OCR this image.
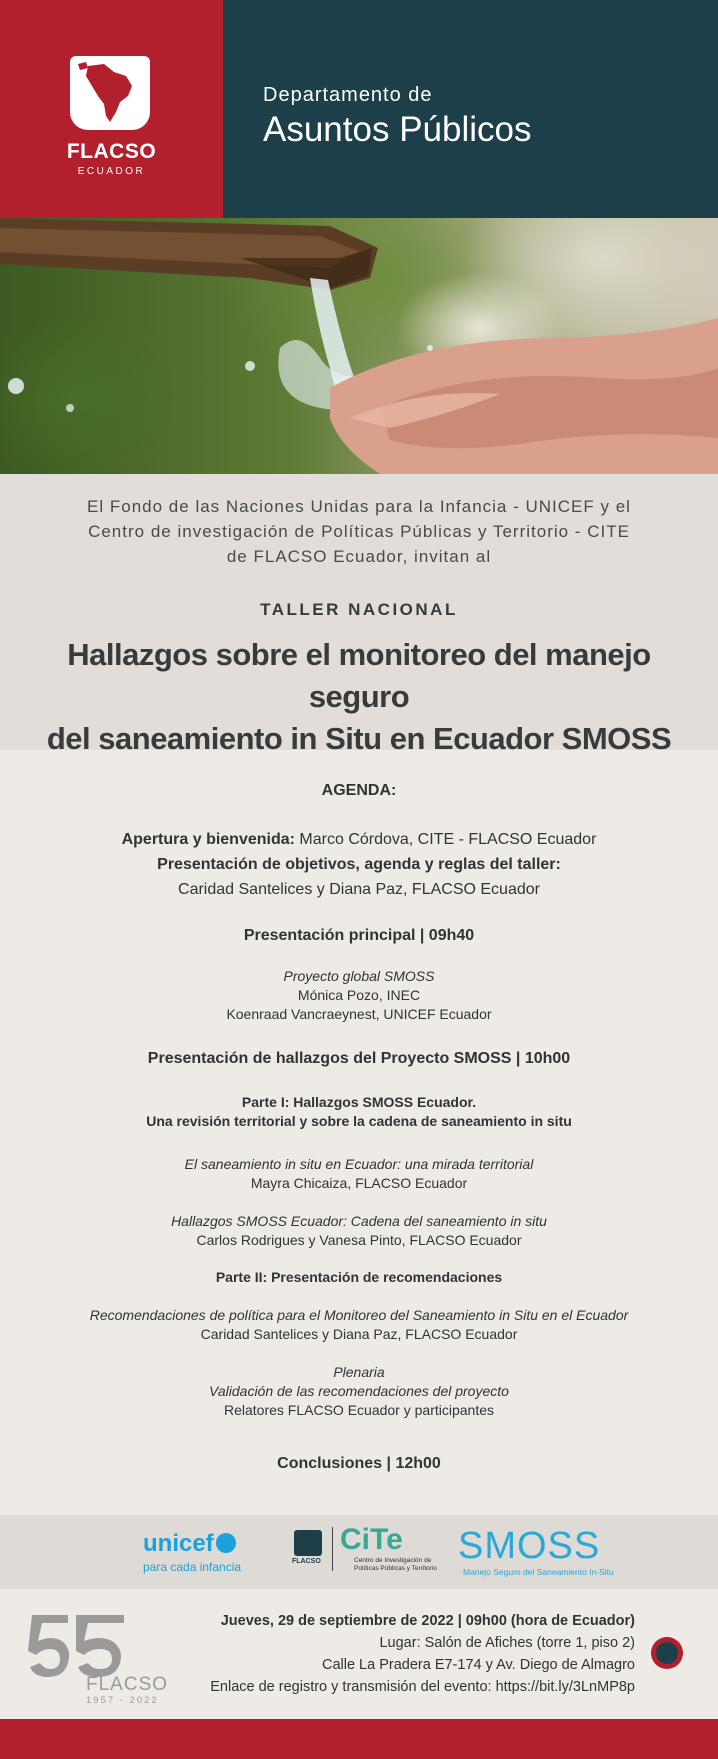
FLACSO
ECUADOR
Departamento de
Asuntos Públicos
El Fondo de las Naciones Unidas para la Infancia - UNICEF y el
Centro de investigación de Políticas Públicas y Territorio - CITE
de FLACSO Ecuador, invitan al
TALLER NACIONAL
Hallazgos sobre el monitoreo del manejo seguro
del saneamiento in Situ en Ecuador SMOSS
AGENDA:
Apertura y bienvenida: Marco Córdova, CITE - FLACSO Ecuador
Presentación de objetivos, agenda y reglas del taller:
Caridad Santelices y Diana Paz, FLACSO Ecuador
Presentación principal | 09h40
Proyecto global SMOSS
Mónica Pozo, INEC
Koenraad Vancraeynest, UNICEF Ecuador
Presentación de hallazgos del Proyecto SMOSS | 10h00
Parte I: Hallazgos SMOSS Ecuador.
Una revisión territorial y sobre la cadena de saneamiento in situ
El saneamiento in situ en Ecuador: una mirada territorial
Mayra Chicaiza, FLACSO Ecuador
Hallazgos SMOSS Ecuador: Cadena del saneamiento in situ
Carlos Rodrigues y Vanesa Pinto, FLACSO Ecuador
Parte II: Presentación de recomendaciones
Recomendaciones de política para el Monitoreo del Saneamiento in Situ en el Ecuador
Caridad Santelices y Diana Paz, FLACSO Ecuador
Plenaria
Validación de las recomendaciones del proyecto
Relatores FLACSO Ecuador y participantes
Conclusiones | 12h00
unicef
para cada infancia	FLACSO
CiTe
Centro de Investigación de
Políticas Públicas y Territorio
SMOSS
Manejo Seguro del Saneamiento In-Situ
FLACSO
1957 - 2022
Jueves, 29 de septiembre de 2022 | 09h00 (hora de Ecuador)
Lugar: Salón de Afiches (torre 1, piso 2)
Calle La Pradera E7-174 y Av. Diego de Almagro
Enlace de registro y transmisión del evento: https://bit.ly/3LnMP8p
